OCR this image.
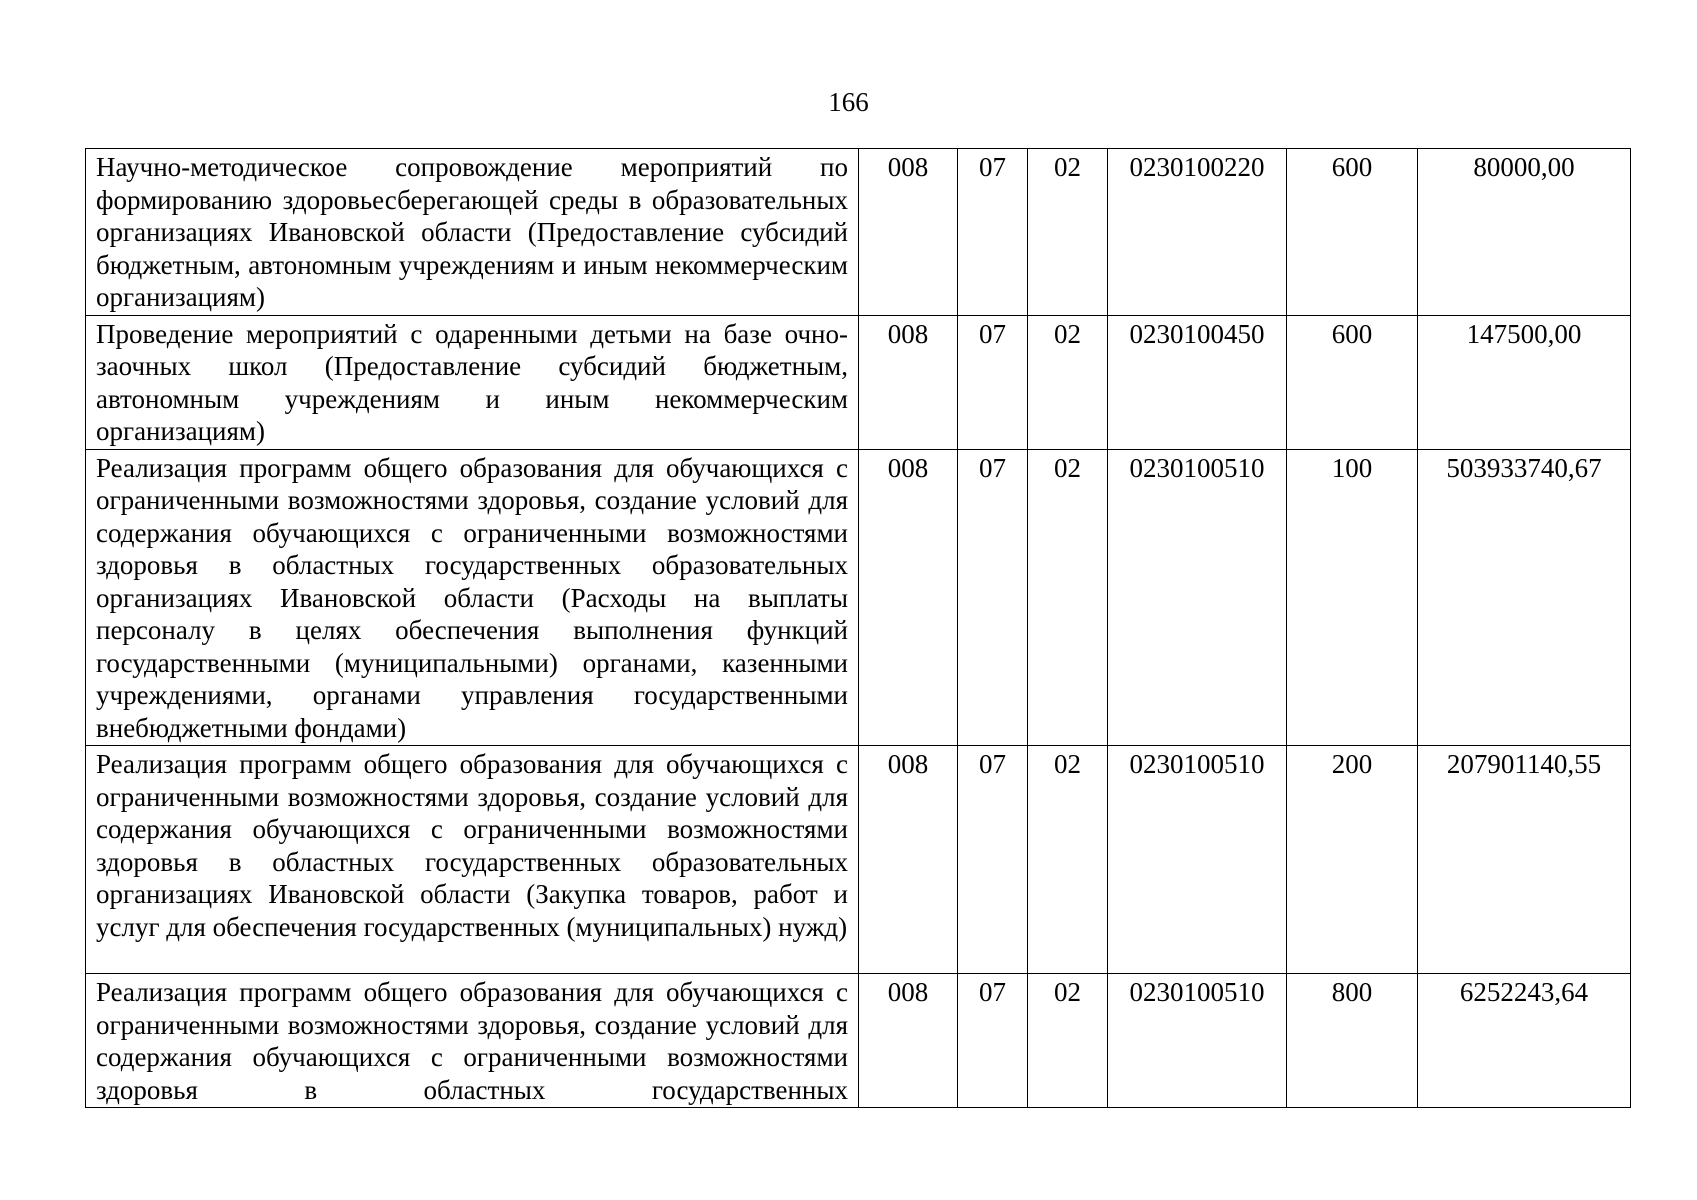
166
Научно-методическое сопровождение мероприятий по формированию здоровьесберегающей среды в образовательных организациях Ивановской области (Предоставление субсидий бюджетным, автономным учреждениям и иным некоммерческим организациям)	008	07	02	0230100220	600	80000,00
Проведение мероприятий с одаренными детьми на базе очно-заочных школ (Предоставление субсидий бюджетным, автономным учреждениям и иным некоммерческим организациям)	008	07	02	0230100450	600	147500,00
Реализация программ общего образования для обучающихся с ограниченными возможностями здоровья, создание условий для содержания обучающихся с ограниченными возможностями здоровья в областных государственных образовательных организациях Ивановской области (Расходы на выплаты персоналу в целях обеспечения выполнения функций государственными (муниципальными) органами, казенными учреждениями, органами управления государственными внебюджетными фондами)	008	07	02	0230100510	100	503933740,67
Реализация программ общего образования для обучающихся с ограниченными возможностями здоровья, создание условий для содержания обучающихся с ограниченными возможностями здоровья в областных государственных образовательных организациях Ивановской области (Закупка товаров, работ и услуг для обеспечения государственных (муниципальных) нужд)	008	07	02	0230100510	200	207901140,55
Реализация программ общего образования для обучающихся с ограниченными возможностями здоровья, создание условий для содержания обучающихся с ограниченными возможностями здоровья в областных государственных	008	07	02	0230100510	800	6252243,64
